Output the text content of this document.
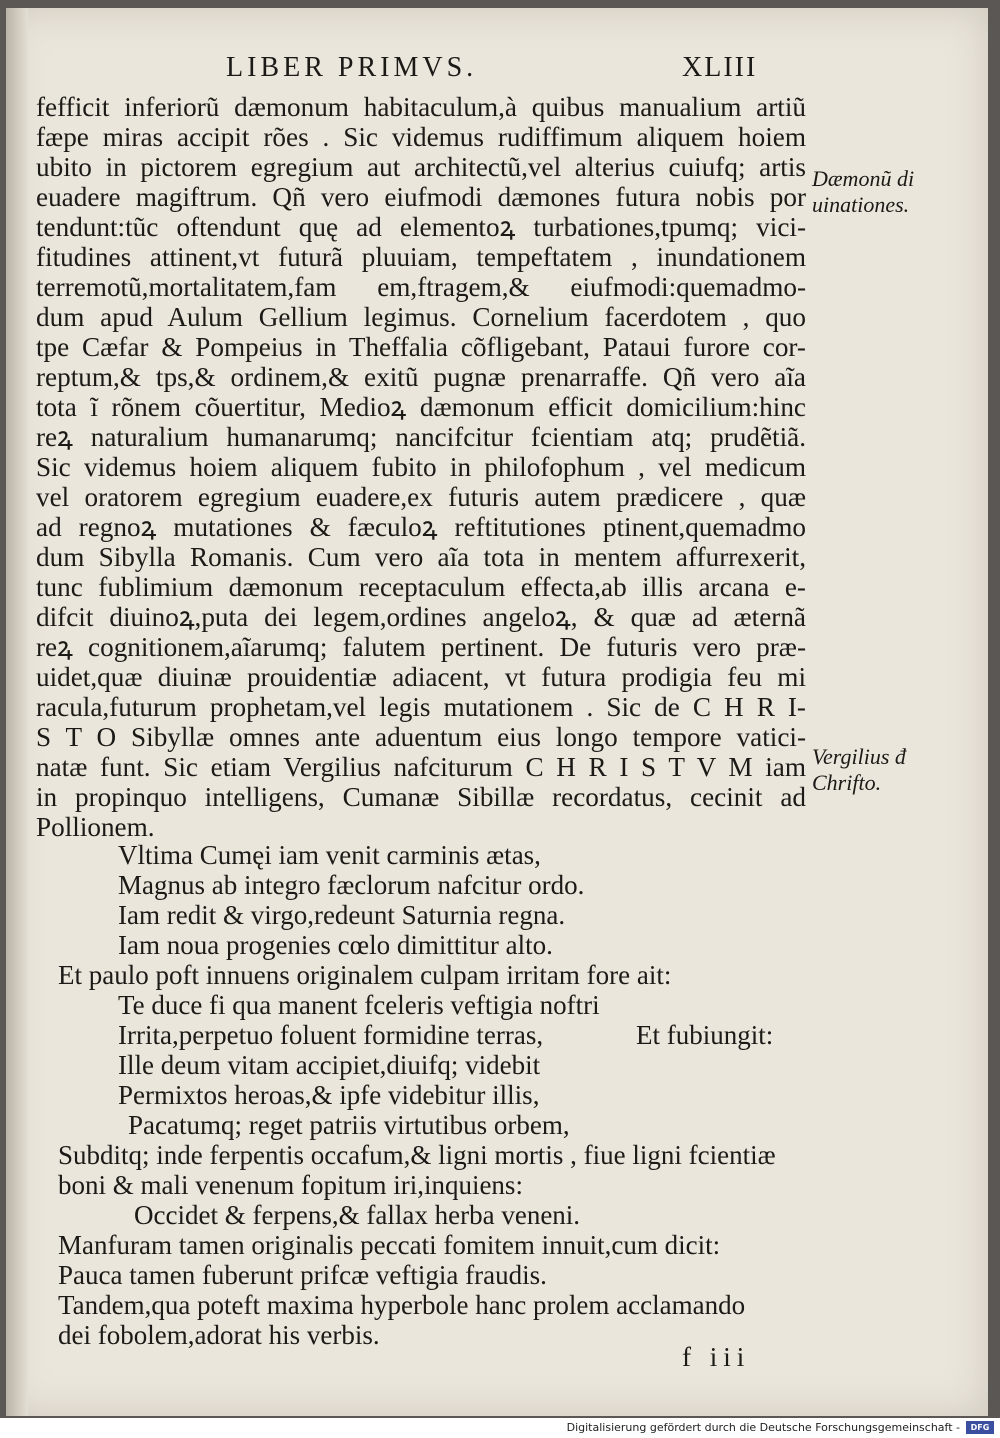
LIBER PRIMVS.	XLIII
fefficit inferiorũ dæmonum habitaculum,à quibus manualium artiũ
fæpe miras accipit rões . Sic videmus rudiffimum aliquem hoiem
ubito in pictorem egregium aut architectũ,vel alterius cuiufq; artis
euadere magiftrum. Qñ vero eiufmodi dæmones futura nobis por
tendunt:tũc oftendunt quę ad elementoꝝ turbationes,tpumq; vici-
fitudines attinent,vt futurã pluuiam, tempeftatem , inundationem
terremotũ,mortalitatem,fam em,ftragem,& eiufmodi:quemadmo-
dum apud Aulum Gellium legimus. Cornelium facerdotem , quo
tpe Cæfar & Pompeius in Theffalia cõfligebant, Pataui furore cor-
reptum,& tps,& ordinem,& exitũ pugnæ prenarraffe. Qñ vero aĩa
tota ĩ rõnem cõuertitur, Medioꝝ dæmonum efficit domicilium:hinc
reꝝ naturalium humanarumq; nancifcitur fcientiam atq; prudẽtiã.
Sic videmus hoiem aliquem fubito in philofophum , vel medicum
vel oratorem egregium euadere,ex futuris autem prædicere , quæ
ad regnoꝝ mutationes & fæculoꝝ reftitutiones ptinent,quemadmo
dum Sibylla Romanis. Cum vero aĩa tota in mentem affurrexerit,
tunc fublimium dæmonum receptaculum effecta,ab illis arcana e-
difcit diuinoꝝ,puta dei legem,ordines angeloꝝ, & quæ ad æternã
reꝝ cognitionem,aĩarumq; falutem pertinent. De futuris vero præ-
uidet,quæ diuinæ prouidentiæ adiacent, vt futura prodigia feu mi
racula,futurum prophetam,vel legis mutationem . Sic de C H R I-
S T O Sibyllæ omnes ante aduentum eius longo tempore vatici-
natæ funt. Sic etiam Vergilius nafciturum C H R I S T V M iam
in propinquo intelligens, Cumanæ Sibillæ recordatus, cecinit ad
Pollionem.
Dæmonũ di
uinationes.
Vergilius đ
Chrifto.
Vltima Cumęi iam venit carminis ætas,
Magnus ab integro fæclorum nafcitur ordo.
Iam redit & virgo,redeunt Saturnia regna.
Iam noua progenies cœlo dimittitur alto.
Et paulo poft innuens originalem culpam irritam fore ait:
Te duce fi qua manent fceleris veftigia noftri
Irrita,perpetuo foluent formidine terras,	Et fubiungit:
Ille deum vitam accipiet,diuifq; videbit
Permixtos heroas,& ipfe videbitur illis,
Pacatumq; reget patriis virtutibus orbem,
Subditq; inde ferpentis occafum,& ligni mortis , fiue ligni fcientiæ
boni & mali venenum fopitum iri,inquiens:
Occidet & ferpens,& fallax herba veneni.
Manfuram tamen originalis peccati fomitem innuit,cum dicit:
Pauca tamen fuberunt prifcæ veftigia fraudis.
Tandem,qua poteft maxima hyperbole hanc prolem acclamando
dei fobolem,adorat his verbis.
f iii
Digitalisierung gefördert durch die Deutsche Forschungsgemeinschaft -	DFG
